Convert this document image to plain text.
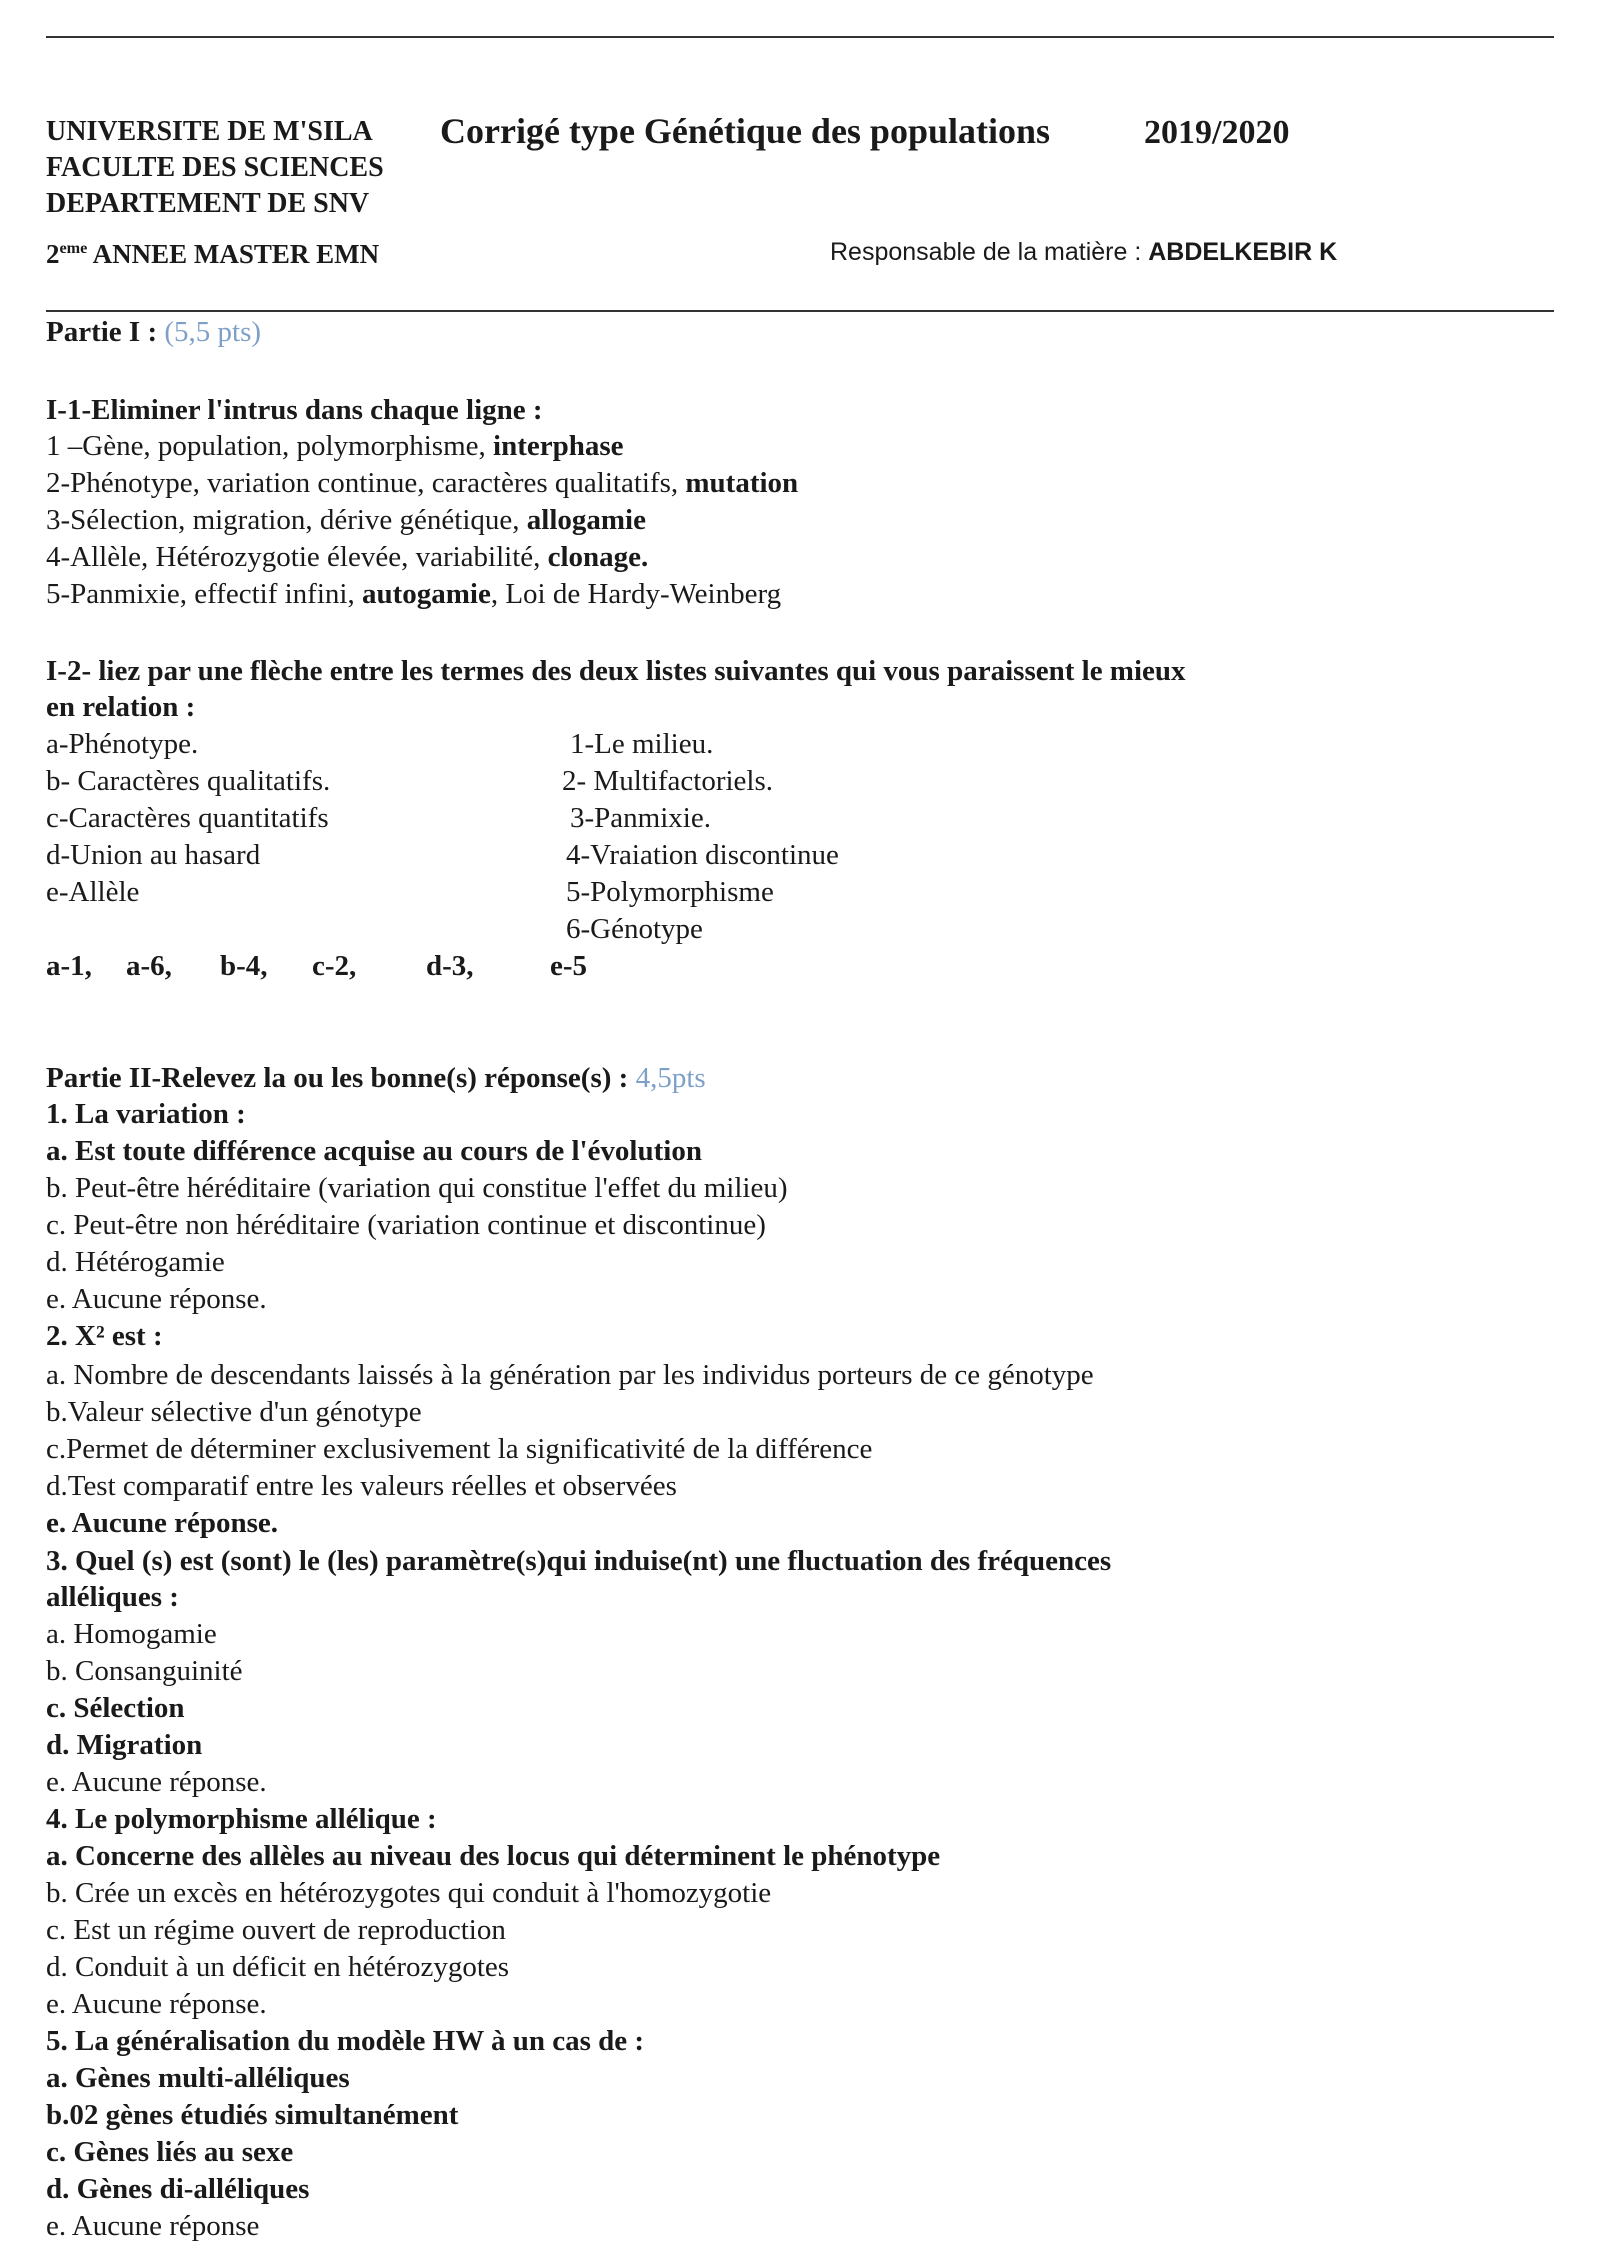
UNIVERSITE DE M'SILA
FACULTE DES SCIENCES
DEPARTEMENT DE SNV
2eme ANNEE MASTER EMN
Corrigé type Génétique des populations	2019/2020
Responsable de la matière : ABDELKEBIR K
Partie I : (5,5 pts)
I-1-Eliminer l'intrus dans chaque ligne :
1 –Gène, population, polymorphisme, interphase
2-Phénotype, variation continue, caractères qualitatifs, mutation
3-Sélection, migration, dérive génétique, allogamie
4-Allèle, Hétérozygotie élevée, variabilité, clonage.
5-Panmixie, effectif infini, autogamie, Loi de Hardy-Weinberg
I-2- liez par une flèche entre les termes des deux listes suivantes qui vous paraissent le mieux
en relation :
a-Phénotype.
b- Caractères qualitatifs.
c-Caractères quantitatifs
d-Union au hasard
e-Allèle
1-Le milieu.
2- Multifactoriels.
3-Panmixie.
4-Vraiation discontinue
5-Polymorphisme
6-Génotype
a-1, a-6, b-4, c-2, d-3,	e-5
Partie II-Relevez la ou les bonne(s) réponse(s) : 4,5pts
1. La variation :
a. Est toute différence acquise au cours de l'évolution
b. Peut-être héréditaire (variation qui constitue l'effet du milieu)
c. Peut-être non héréditaire (variation continue et discontinue)
d. Hétérogamie
e. Aucune réponse.
2. X² est :
a. Nombre de descendants laissés à la génération par les individus porteurs de ce génotype
b.Valeur sélective d'un génotype
c.Permet de déterminer exclusivement la significativité de la différence
d.Test comparatif entre les valeurs réelles et observées
e. Aucune réponse.
3. Quel (s) est (sont) le (les) paramètre(s)qui induise(nt) une fluctuation des fréquences
alléliques :
a. Homogamie
b. Consanguinité
c. Sélection
d. Migration
e. Aucune réponse.
4. Le polymorphisme allélique :
a. Concerne des allèles au niveau des locus qui déterminent le phénotype
b. Crée un excès en hétérozygotes qui conduit à l'homozygotie
c. Est un régime ouvert de reproduction
d. Conduit à un déficit en hétérozygotes
e. Aucune réponse.
5. La généralisation du modèle HW à un cas de :
a. Gènes multi-alléliques
b.02 gènes étudiés simultanément
c. Gènes liés au sexe
d. Gènes di-alléliques
e. Aucune réponse
